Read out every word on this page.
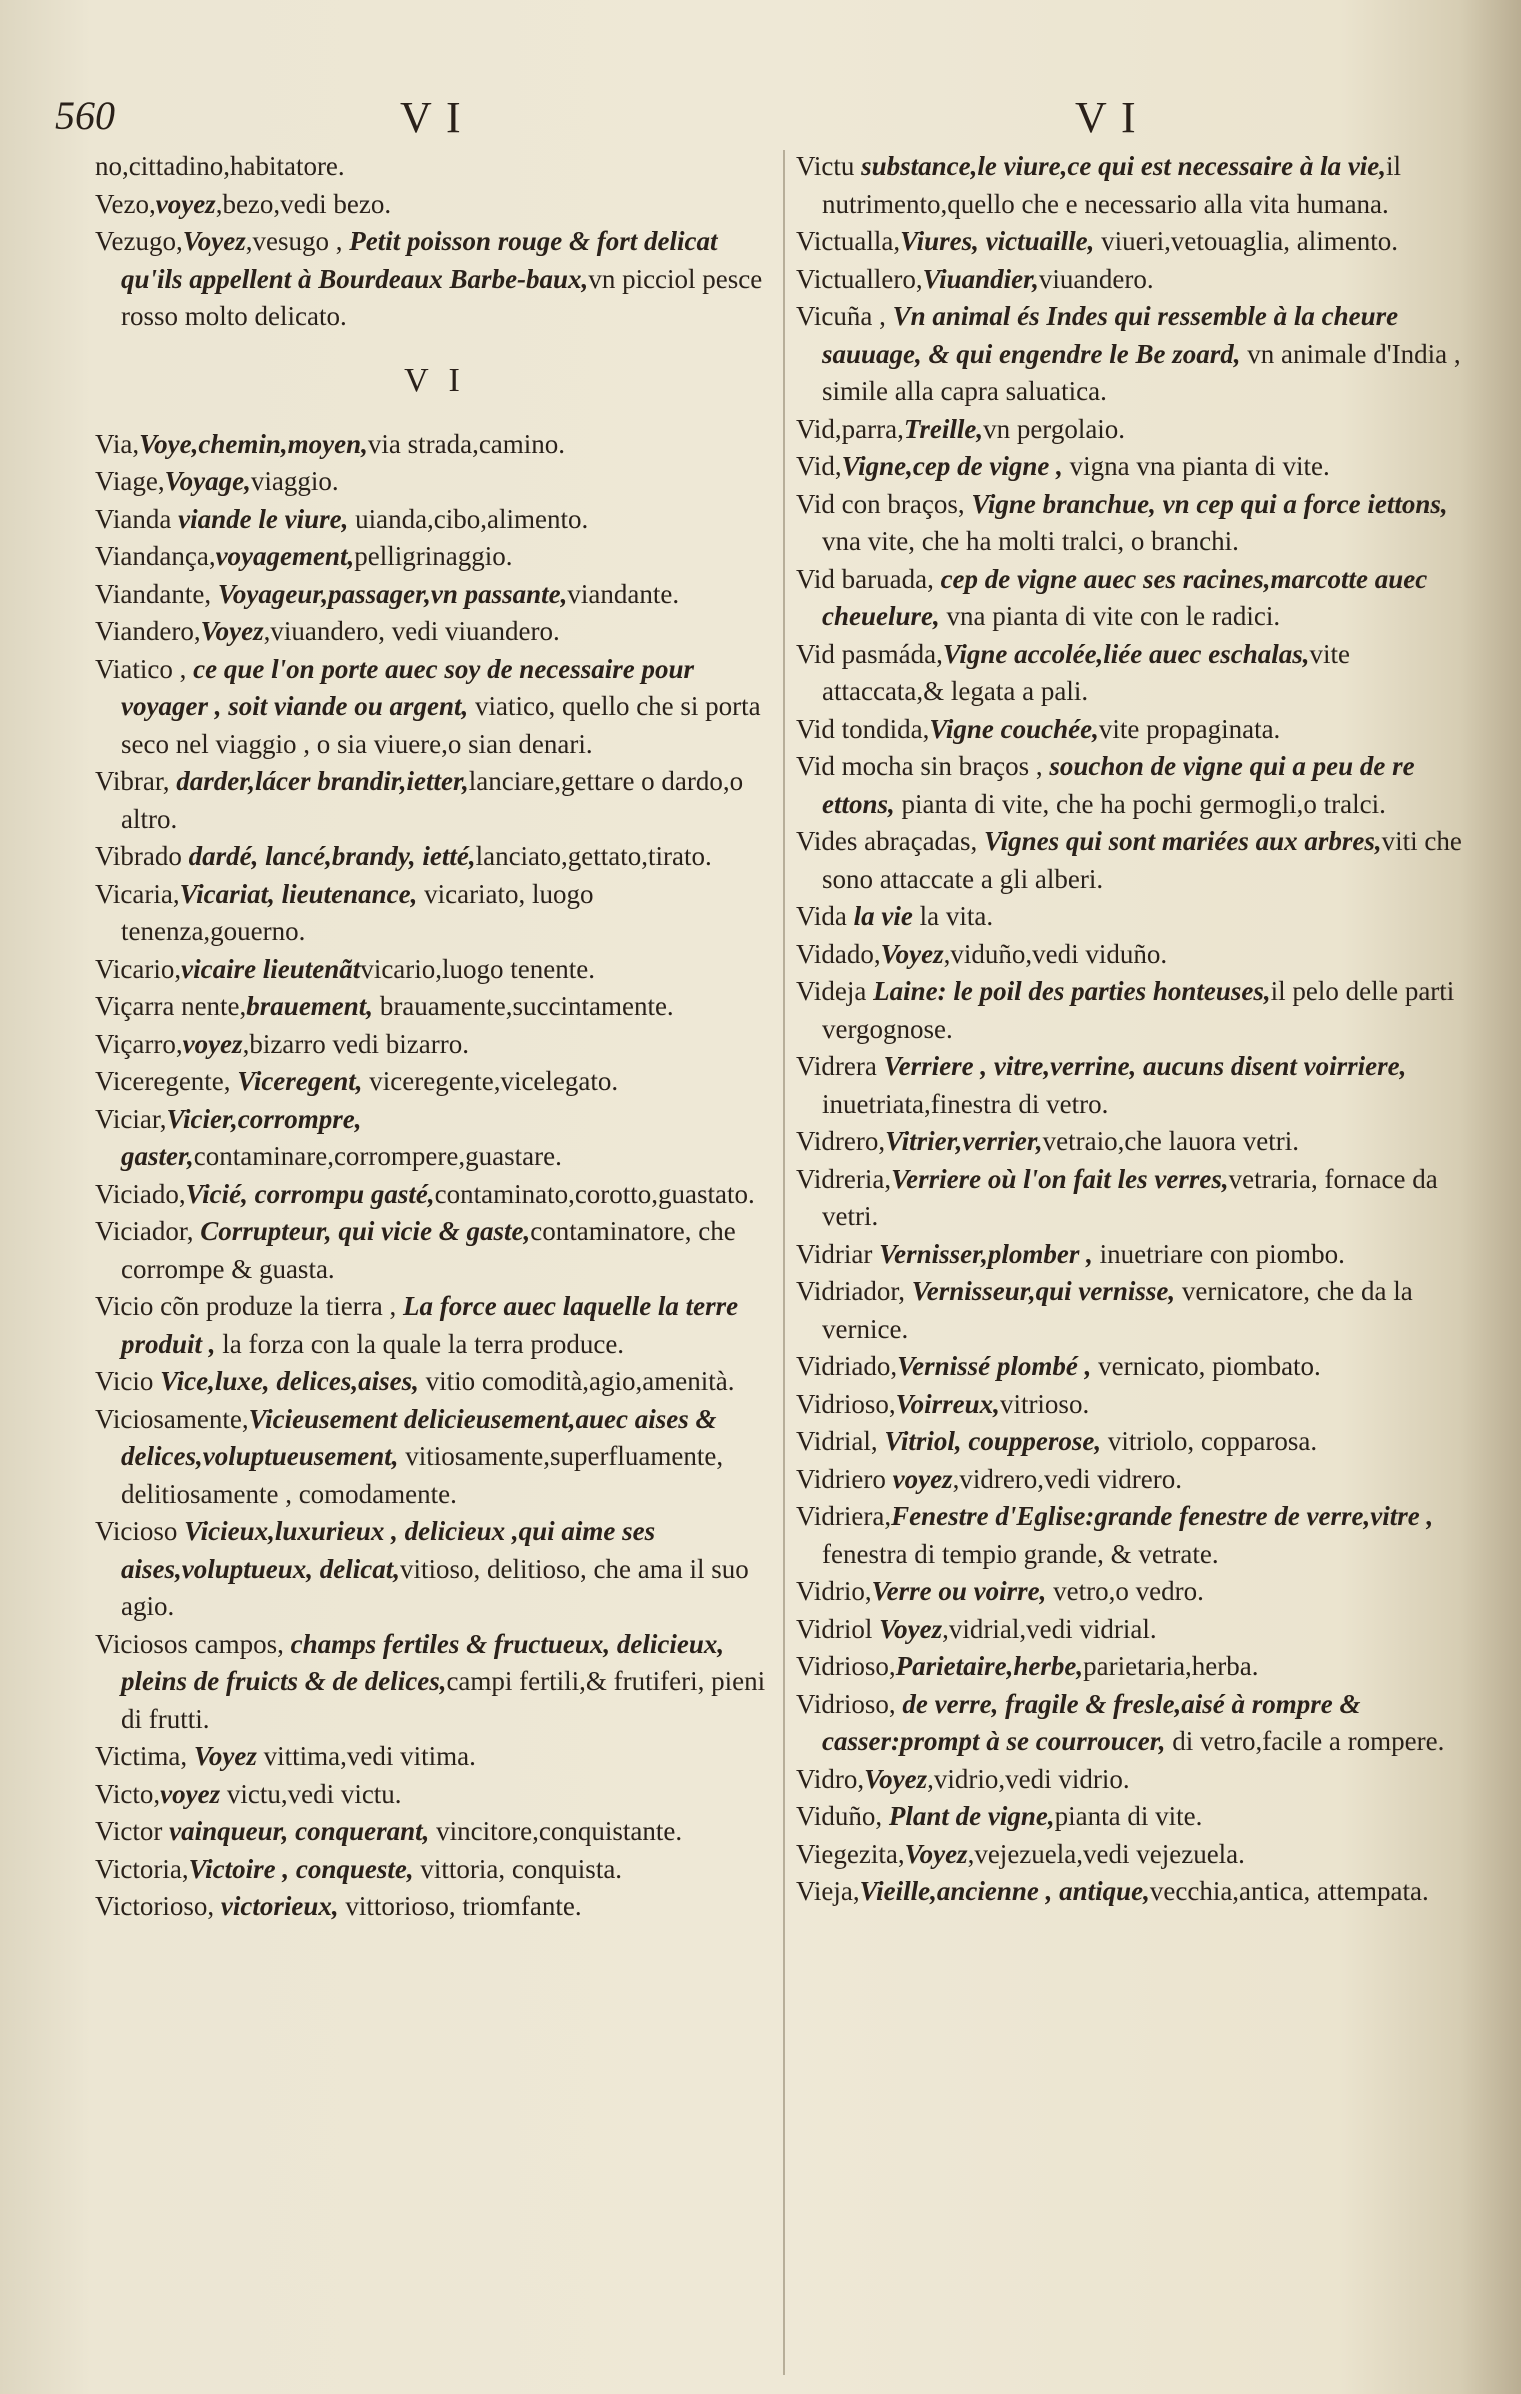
560	V I	V I
no,cittadino,habitatore.
Vezo,voyez,bezo,vedi bezo.
Vezugo,Voyez,vesugo , Petit poisson rouge & fort delicat qu'ils appellent à Bourdeaux Barbe-baux,vn picciol pesce rosso molto delicato.
V I
Via,Voye,chemin,moyen,via strada,camino.
Viage,Voyage,viaggio.
Vianda viande le viure, uianda,cibo,alimento.
Viandança,voyagement,pelligrinaggio.
Viandante, Voyageur,passager,vn passante,viandante.
Viandero,Voyez,viuandero, vedi viuandero.
Viatico , ce que l'on porte auec soy de necessaire pour voyager , soit viande ou argent, viatico, quello che si porta seco nel viaggio , o sia viuere,o sian denari.
Vibrar, darder,lácer brandir,ietter,lanciare,gettare o dardo,o altro.
Vibrado dardé, lancé,brandy, ietté,lanciato,gettato,tirato.
Vicaria,Vicariat, lieutenance, vicariato, luogo tenenza,gouerno.
Vicario,vicaire lieutenãtvicario,luogo tenente.
Viçarra nente,brauement, brauamente,succintamente.
Viçarro,voyez,bizarro vedi bizarro.
Viceregente, Viceregent, viceregente,vicelegato.
Viciar,Vicier,corrompre, gaster,contaminare,corrompere,guastare.
Viciado,Vicié, corrompu gasté,contaminato,corotto,guastato.
Viciador, Corrupteur, qui vicie & gaste,contaminatore, che corrompe & guasta.
Vicio cõn produze la tierra , La force auec laquelle la terre produit , la forza con la quale la terra produce.
Vicio Vice,luxe, delices,aises, vitio comodità,agio,amenità.
Viciosamente,Vicieusement delicieusement,auec aises & delices,voluptueusement, vitiosamente,superfluamente, delitiosamente , comodamente.
Vicioso Vicieux,luxurieux , delicieux ,qui aime ses aises,voluptueux, delicat,vitioso, delitioso, che ama il suo agio.
Viciosos campos, champs fertiles & fructueux, delicieux, pleins de fruicts & de delices,campi fertili,& frutiferi, pieni di frutti.
Victima, Voyez vittima,vedi vitima.
Victo,voyez victu,vedi victu.
Victor vainqueur, conquerant, vincitore,conquistante.
Victoria,Victoire , conqueste, vittoria, conquista.
Victorioso, victorieux, vittorioso, triomfante.
Victu substance,le viure,ce qui est necessaire à la vie,il nutrimento,quello che e necessario alla vita humana.
Victualla,Viures, victuaille, viueri,vetouaglia, alimento.
Victuallero,Viuandier,viuandero.
Vicuña , Vn animal és Indes qui ressemble à la cheure sauuage, & qui engendre le Be zoard, vn animale d'India , simile alla capra saluatica.
Vid,parra,Treille,vn pergolaio.
Vid,Vigne,cep de vigne , vigna vna pianta di vite.
Vid con braços, Vigne branchue, vn cep qui a force iettons, vna vite, che ha molti tralci, o branchi.
Vid baruada, cep de vigne auec ses racines,marcotte auec cheuelure, vna pianta di vite con le radici.
Vid pasmáda,Vigne accolée,liée auec eschalas,vite attaccata,& legata a pali.
Vid tondida,Vigne couchée,vite propaginata.
Vid mocha sin braços , souchon de vigne qui a peu de re ettons, pianta di vite, che ha pochi germogli,o tralci.
Vides abraçadas, Vignes qui sont mariées aux arbres,viti che sono attaccate a gli alberi.
Vida la vie la vita.
Vidado,Voyez,viduño,vedi viduño.
Videja Laine: le poil des parties honteuses,il pelo delle parti vergognose.
Vidrera Verriere , vitre,verrine, aucuns disent voirriere, inuetriata,finestra di vetro.
Vidrero,Vitrier,verrier,vetraio,che lauora vetri.
Vidreria,Verriere où l'on fait les verres,vetraria, fornace da vetri.
Vidriar Vernisser,plomber , inuetriare con piombo.
Vidriador, Vernisseur,qui vernisse, vernicatore, che da la vernice.
Vidriado,Vernissé plombé , vernicato, piombato.
Vidrioso,Voirreux,vitrioso.
Vidrial, Vitriol, coupperose, vitriolo, copparosa.
Vidriero voyez,vidrero,vedi vidrero.
Vidriera,Fenestre d'Eglise:grande fenestre de verre,vitre , fenestra di tempio grande, & vetrate.
Vidrio,Verre ou voirre, vetro,o vedro.
Vidriol Voyez,vidrial,vedi vidrial.
Vidrioso,Parietaire,herbe,parietaria,herba.
Vidrioso, de verre, fragile & fresle,aisé à rompre & casser:prompt à se courroucer, di vetro,facile a rompere.
Vidro,Voyez,vidrio,vedi vidrio.
Viduño, Plant de vigne,pianta di vite.
Viegezita,Voyez,vejezuela,vedi vejezuela.
Vieja,Vieille,ancienne , antique,vecchia,antica, attempata.
